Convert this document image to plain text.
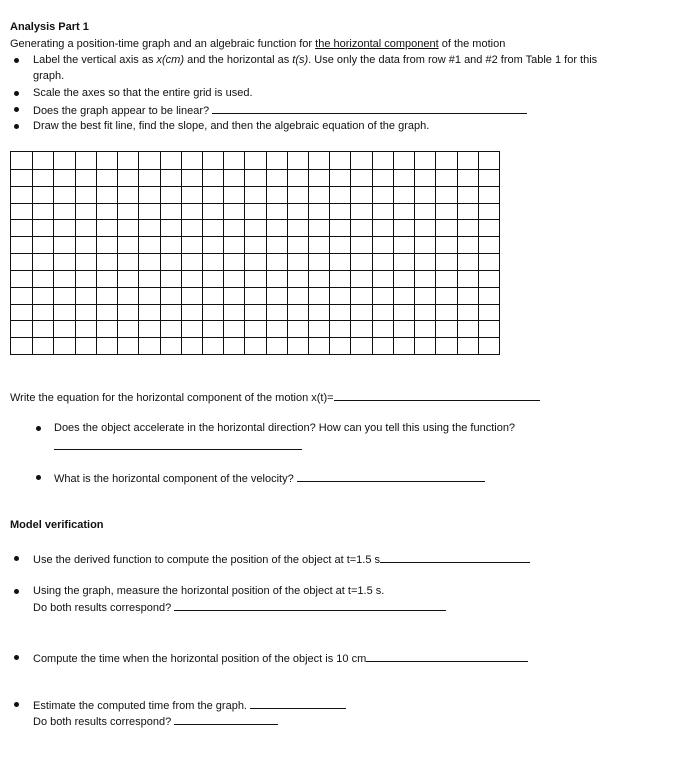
Analysis Part 1
Generating a position-time graph and an algebraic function for the horizontal component of the motion
Label the vertical axis as x(cm) and the horizontal as t(s). Use only the data from row #1 and #2 from Table 1 for this
graph.
Scale the axes so that the entire grid is used.
Does the graph appear to be linear?
Draw the best fit line, find the slope, and then the algebraic equation of the graph.
Write the equation for the horizontal component of the motion x(t)=
Does the object accelerate in the horizontal direction? How can you tell this using the function?
What is the horizontal component of the velocity?
Model verification
Use the derived function to compute the position of the object at t=1.5 s
Using the graph, measure the horizontal position of the object at t=1.5 s.
Do both results correspond?
Compute the time when the horizontal position of the object is 10 cm
Estimate the computed time from the graph.
Do both results correspond?
